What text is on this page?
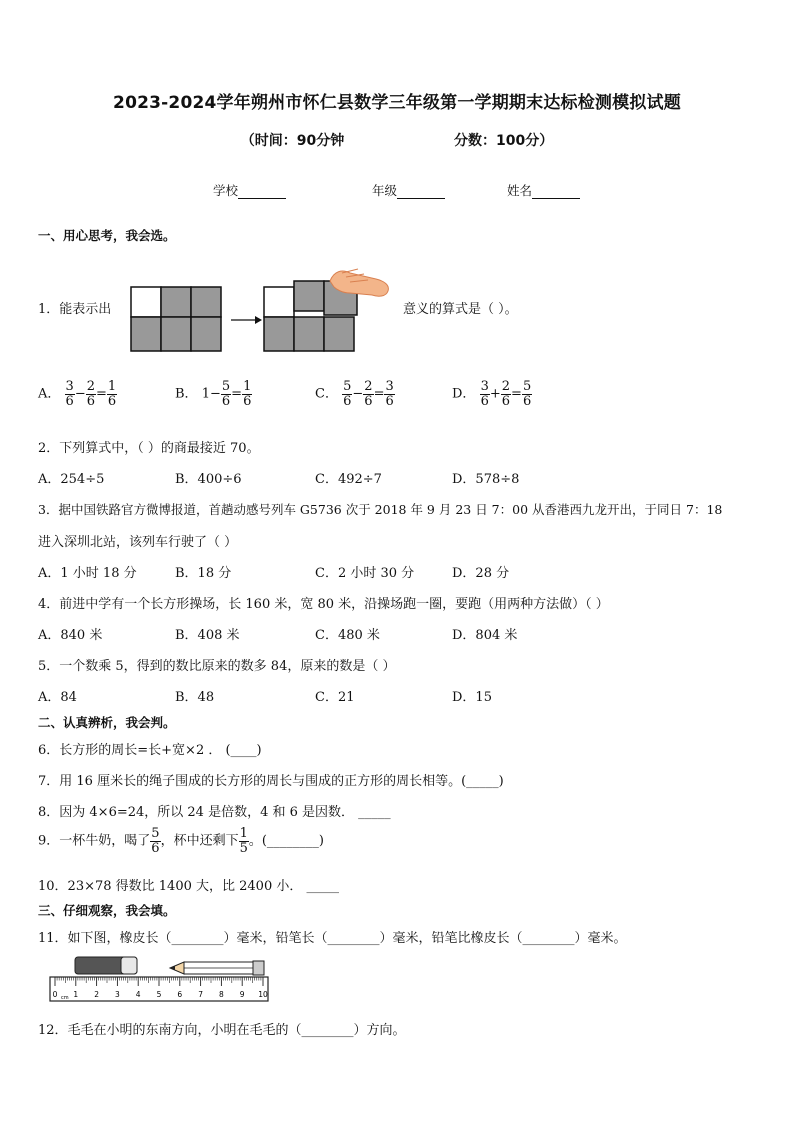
2023-2024学年朔州市怀仁县数学三年级第一学期期末达标检测模拟试题
（时间：90分钟	分数：100分）
学校	年级	姓名
一、用心思考，我会选。
1．能表示出	意义的算式是（ ）。
A． $\frac{3}{6} - \frac{2}{6} = \frac{1}{6}$	B． $1- \frac{5}{6} = \frac{1}{6}$	C． $\frac{5}{6} - \frac{2}{6} = \frac{3}{6}$	D． $\frac{3}{6} + \frac{2}{6} = \frac{5}{6}$
2．下列算式中，（ ）的商最接近 70。
A．254÷5	B．400÷6	C．492÷7	D．578÷8
3．据中国铁路官方微博报道，首趟动感号列车 G5736 次于 2018 年 9 月 23 日 7：00 从香港西九龙开出，于同日 7：18
进入深圳北站，该列车行驶了（ ）
A．1 小时 18 分	B．18 分	C．2 小时 30 分	D．28 分
4．前进中学有一个长方形操场，长 160 米，宽 80 米，沿操场跑一圈，要跑（用两种方法做）（ ）
A．840 米	B．408 米	C．480 米	D．804 米
5．一个数乘 5，得到的数比原来的数多 84，原来的数是（ ）
A．84	B．48	C．21	D．15
二、认真辨析，我会判。
6．长方形的周长=长+宽×2 ． (____)
7．用 16 厘米长的绳子围成的长方形的周长与围成的正方形的周长相等。(_____)
8．因为 4×6=24，所以 24 是倍数，4 和 6 是因数． _____
9．一杯牛奶，喝了 $\frac{5}{6}$ ，杯中还剩下 $\frac{1}{5}$ 。(________)
10．23×78 得数比 1400 大，比 2400 小． _____
三、仔细观察，我会填。
11．如下图，橡皮长（________）毫米，铅笔长（________）毫米，铅笔比橡皮长（________）毫米。
0 1 2 3 4 5 6 7 8 9 10
cm
12．毛毛在小明的东南方向，小明在毛毛的（________）方向。
